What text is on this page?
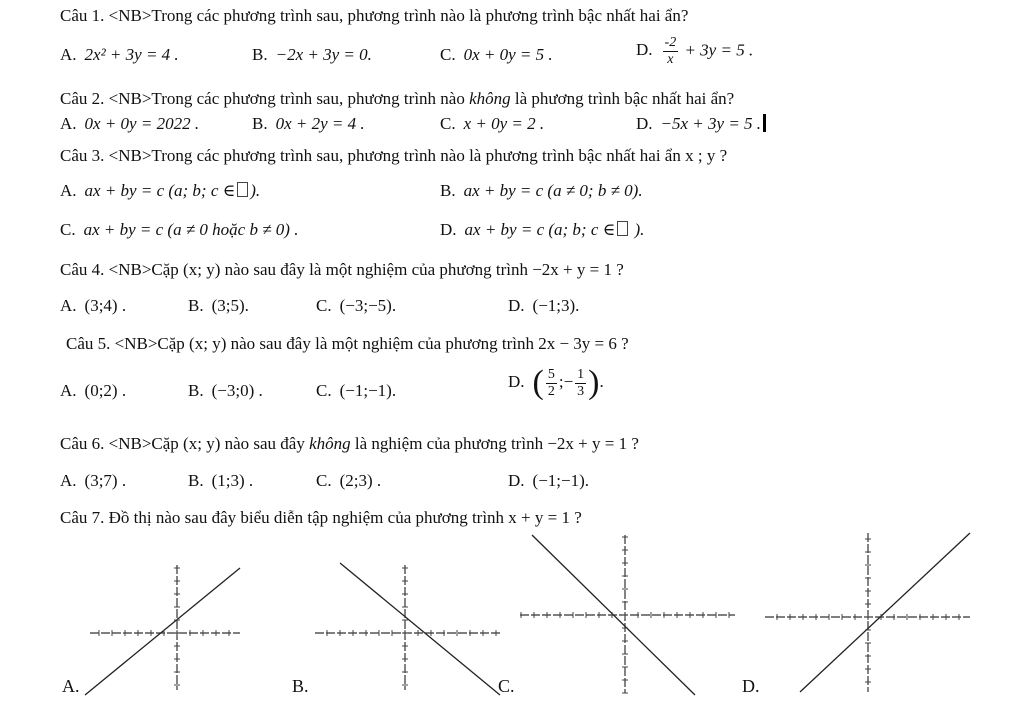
Câu 1. <NB>Trong các phương trình sau, phương trình nào là phương trình bậc nhất hai ẩn?
A. 2x² + 3y = 4 .	B. −2x + 3y = 0.	C. 0x + 0y = 5 .	D. $\frac{-2}{x} + 3y = 5$ .
Câu 2. <NB>Trong các phương trình sau, phương trình nào không là phương trình bậc nhất hai ẩn?
A. 0x + 0y = 2022 .	B. 0x + 2y = 4 .	C. x + 0y = 2 .	D. −5x + 3y = 5 .
Câu 3. <NB>Trong các phương trình sau, phương trình nào là phương trình bậc nhất hai ẩn x ; y ?
A. ax + by = c (a; b; c ∈ ).	B. ax + by = c (a ≠ 0; b ≠ 0).
C. ax + by = c (a ≠ 0 hoặc b ≠ 0) .	D. ax + by = c (a; b; c ∈ ).
Câu 4. <NB>Cặp (x; y) nào sau đây là một nghiệm của phương trình −2x + y = 1 ?
A. (3;4) .	B. (3;5).	C. (−3;−5).	D. (−1;3).
Câu 5. <NB>Cặp (x; y) nào sau đây là một nghiệm của phương trình 2x − 3y = 6 ?
A. (0;2) .	B. (−3;0) .	C. (−1;−1).	D. ( $\frac{5}{2}$ ;− $\frac{1}{3}$ ).
Câu 6. <NB>Cặp (x; y) nào sau đây không là nghiệm của phương trình −2x + y = 1 ?
A. (3;7) .	B. (1;3) .	C. (2;3) .	D. (−1;−1).
Câu 7. Đồ thị nào sau đây biểu diễn tập nghiệm của phương trình x + y = 1 ?
A.	B.	C.	D.
